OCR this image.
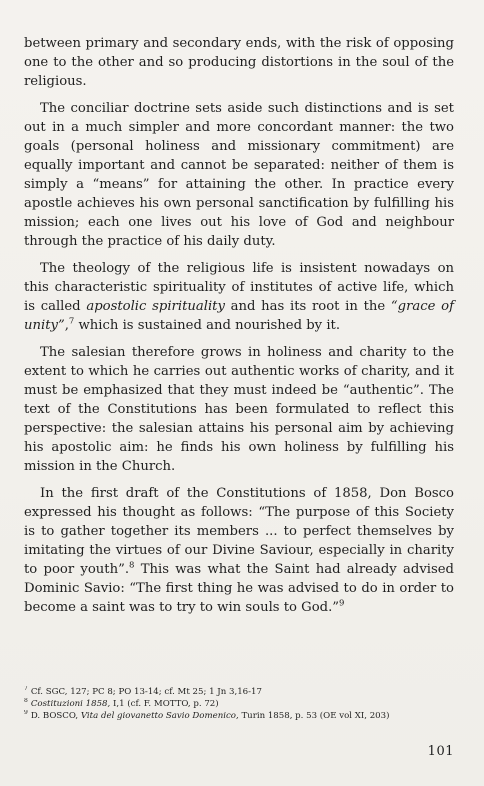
between primary and secondary ends, with the risk of opposing one to the other and so producing distortions in the soul of the religious.

The conciliar doctrine sets aside such distinctions and is set out in a much simpler and more concordant manner: the two goals (personal holiness and missionary commitment) are equally important and cannot be separated: neither of them is simply a “means” for attaining the other. In practice every apostle achieves his own personal sanctification by fulfilling his mission; each one lives out his love of God and neighbour through the practice of his daily duty.

The theology of the religious life is insistent nowadays on this characteristic spirituality of institutes of active life, which is called apostolic spirituality and has its root in the “grace of unity”,$^7$ which is sustained and nourished by it.

The salesian therefore grows in holiness and charity to the extent to which he carries out authentic works of charity, and it must be emphasized that they must indeed be “authentic”. The text of the Constitutions has been formulated to reflect this perspective: the salesian attains his personal aim by achieving his apostolic aim: he finds his own holiness by fulfilling his mission in the Church.

In the first draft of the Constitutions of 1858, Don Bosco expressed his thought as follows: “The purpose of this Society is to gather together its members ... to perfect themselves by imitating the virtues of our Divine Saviour, especially in charity to poor youth”.$^8$ This was what the Saint had already advised Dominic Savio: “The first thing he was advised to do in order to become a saint was to try to win souls to God.”$^9$

$^7$ Cf. SGC, 127; PC 8; PO 13-14; cf. Mt 25; 1 Jn 3,16-17
$^8$ Costituzioni 1858, I,1 (cf. F. MOTTO, p. 72)
$^9$ D. BOSCO, Vita del giovanetto Savio Domenico, Turin 1858, p. 53 (OE vol XI, 203)
101
